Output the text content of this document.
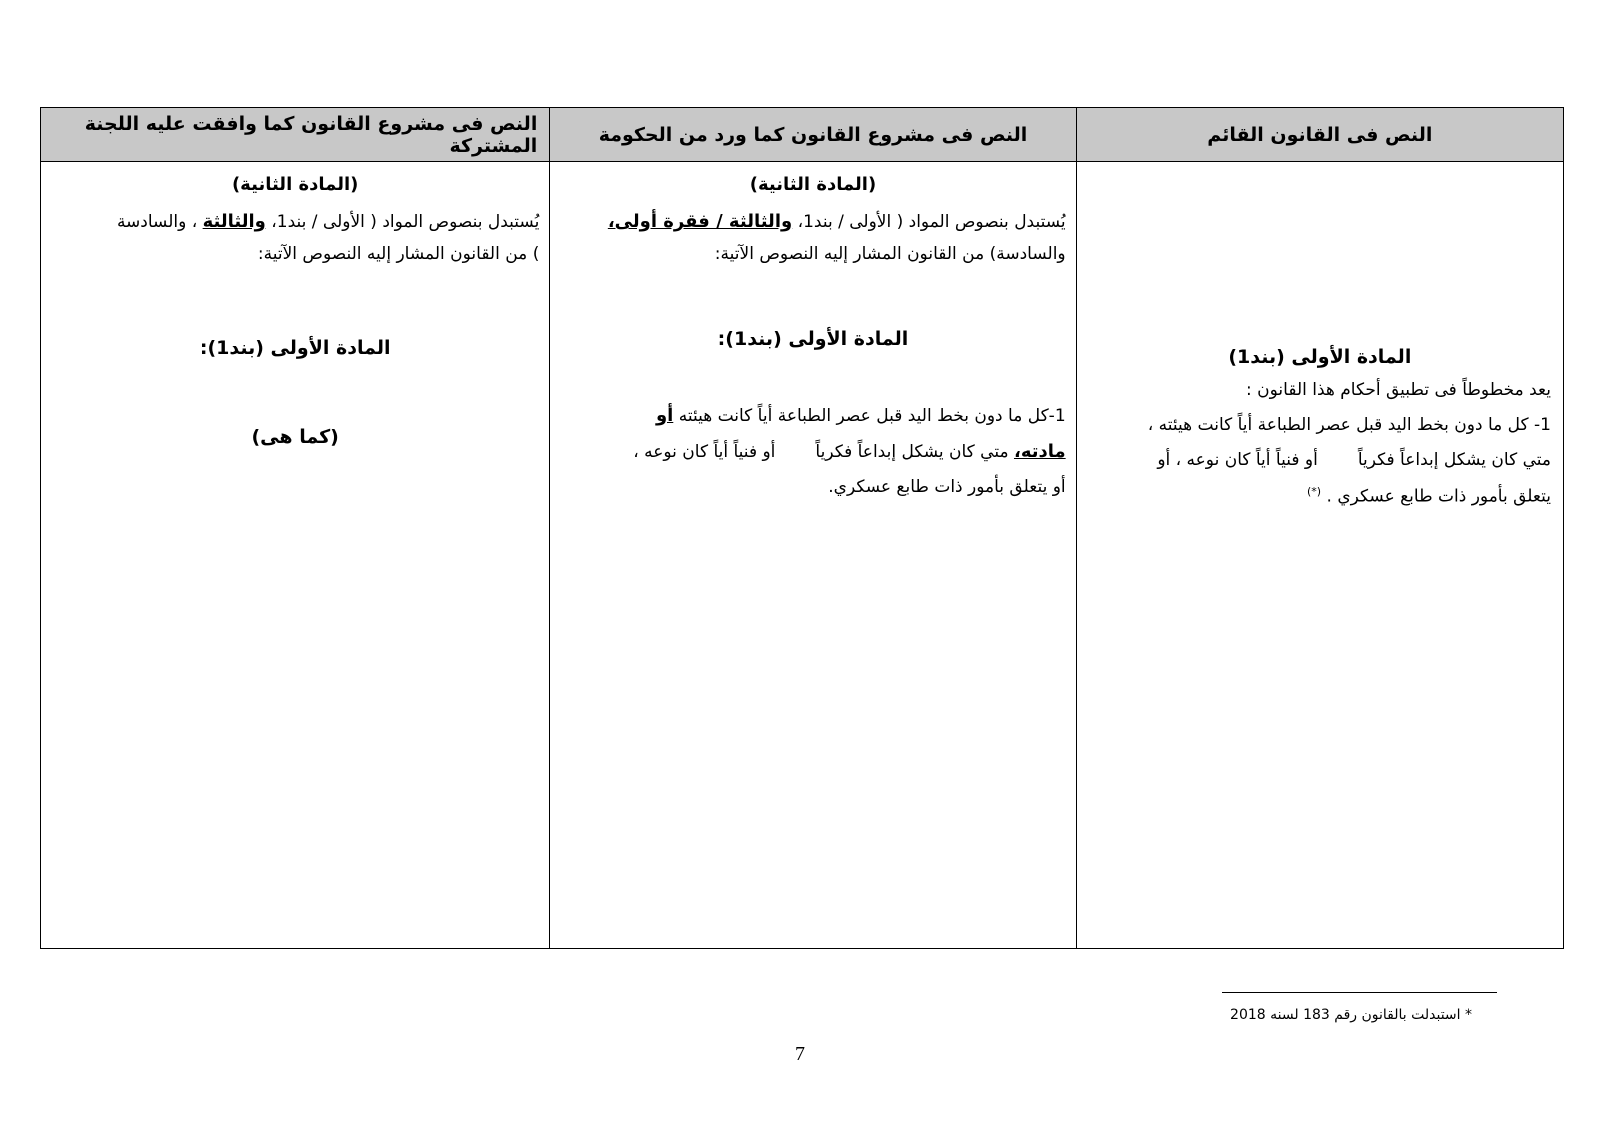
النص فى القانون القائم
المادة الأولى (بند1)
يعد مخطوطاً فى تطبيق أحكام هذا القانون :
1- كل ما دون بخط اليد قبل عصر الطباعة أياً كانت هيئته ،
متي كان يشكل إبداعاً فكرياًأو فنياً أياً كان نوعه ، أو
يتعلق بأمور ذات طابع عسكري . (*)
النص فى مشروع القانون كما ورد من الحكومة
(المادة الثانية)
يُستبدل بنصوص المواد ( الأولى / بند1، والثالثة / فقرة أولى،
والسادسة) من القانون المشار إليه النصوص الآتية:
المادة الأولى (بند1):
1-كل ما دون بخط اليد قبل عصر الطباعة أياً كانت هيئته أو
مادته، متي كان يشكل إبداعاً فكرياًأو فنياً أياً كان نوعه ،
أو يتعلق بأمور ذات طابع عسكري.
النص فى مشروع القانون كما وافقت عليه اللجنة المشتركة
(المادة الثانية)
يُستبدل بنصوص المواد ( الأولى / بند1، والثالثة ، والسادسة
) من القانون المشار إليه النصوص الآتية:
المادة الأولى (بند1):
(كما هى)
* استبدلت بالقانون رقم 183 لسنه 2018
7
